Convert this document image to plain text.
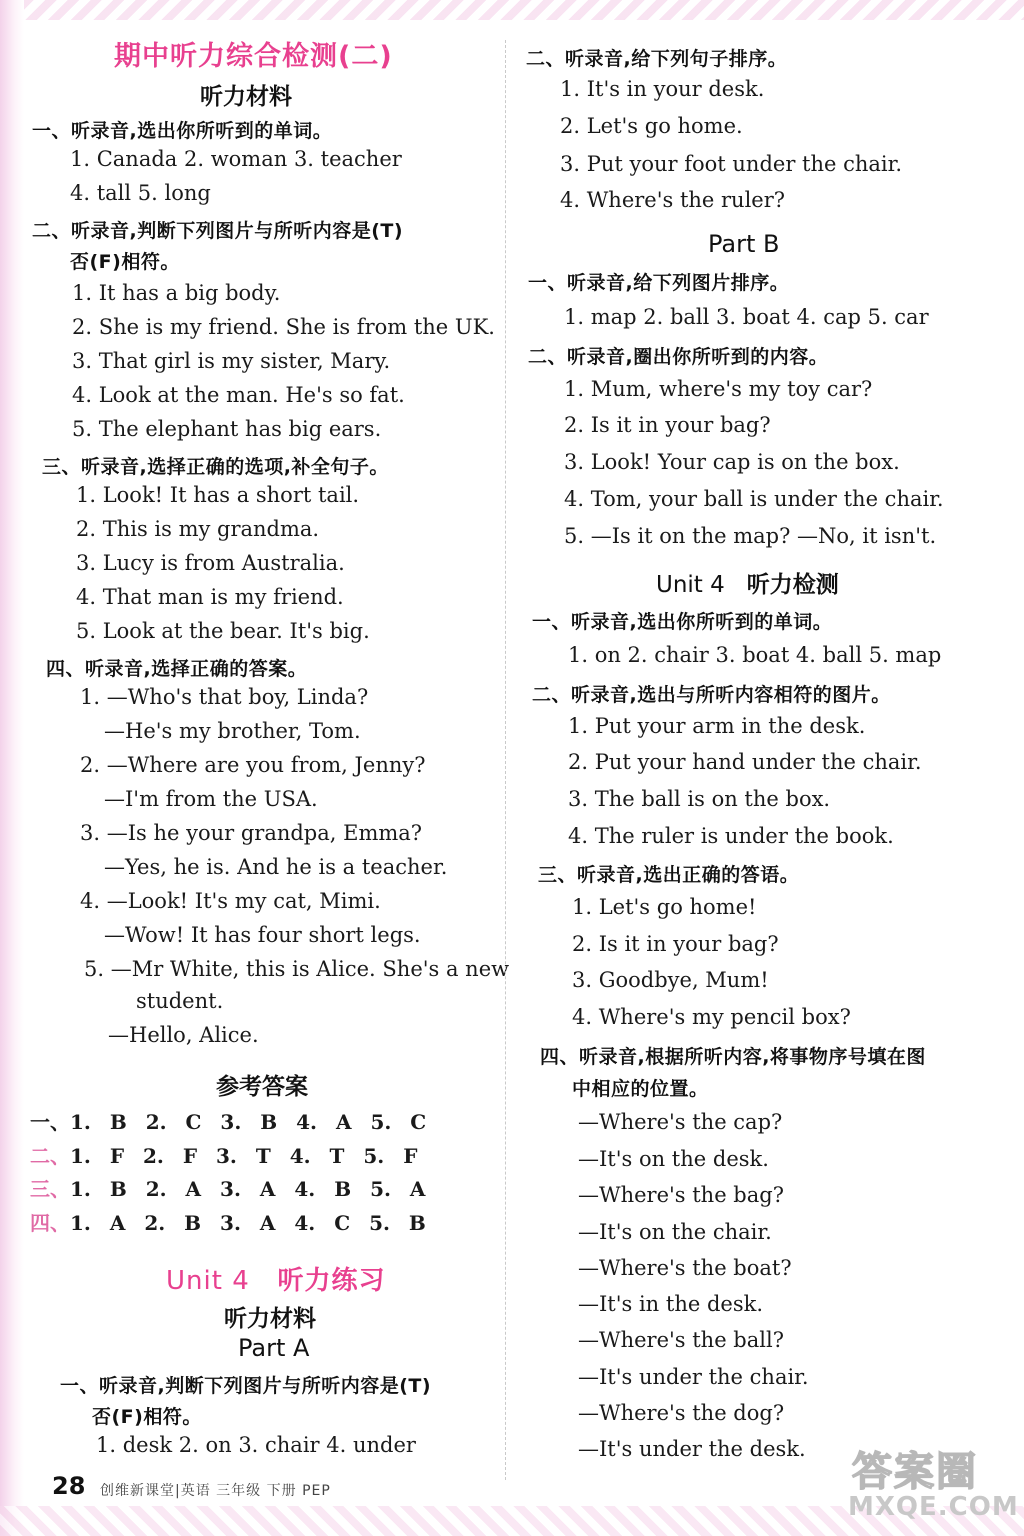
期中听力综合检测(二)
听力材料
一、听录音,选出你所听到的单词。
1. Canada 2. woman 3. teacher
4. tall 5. long
二、听录音,判断下列图片与所听内容是(T)
否(F)相符。
1. It has a big body.
2. She is my friend. She is from the UK.
3. That girl is my sister, Mary.
4. Look at the man. He's so fat.
5. The elephant has big ears.
三、听录音,选择正确的选项,补全句子。
1. Look! It has a short tail.
2. This is my grandma.
3. Lucy is from Australia.
4. That man is my friend.
5. Look at the bear. It's big.
四、听录音,选择正确的答案。
1. —Who's that boy, Linda?
—He's my brother, Tom.
2. —Where are you from, Jenny?
—I'm from the USA.
3. —Is he your grandpa, Emma?
—Yes, he is. And he is a teacher.
4. —Look! It's my cat, Mimi.
—Wow! It has four short legs.
5. —Mr White, this is Alice. She's a new
student.
—Hello, Alice.
参考答案
一、1. B 2. C 3. B 4. A 5. C
二、1. F 2. F 3. T 4. T 5. F
三、1. B 2. A 3. A 4. B 5. A
四、1. A 2. B 3. A 4. C 5. B
Unit 4 听力练习
听力材料
Part A
一、听录音,判断下列图片与所听内容是(T)
否(F)相符。
1. desk 2. on 3. chair 4. under
二、听录音,给下列句子排序。
1. It's in your desk.
2. Let's go home.
3. Put your foot under the chair.
4. Where's the ruler?
Part B
一、听录音,给下列图片排序。
1. map 2. ball 3. boat 4. cap 5. car
二、听录音,圈出你所听到的内容。
1. Mum, where's my toy car?
2. Is it in your bag?
3. Look! Your cap is on the box.
4. Tom, your ball is under the chair.
5. —Is it on the map? —No, it isn't.
Unit 4 听力检测
一、听录音,选出你所听到的单词。
1. on 2. chair 3. boat 4. ball 5. map
二、听录音,选出与所听内容相符的图片。
1. Put your arm in the desk.
2. Put your hand under the chair.
3. The ball is on the box.
4. The ruler is under the book.
三、听录音,选出正确的答语。
1. Let's go home!
2. Is it in your bag?
3. Goodbye, Mum!
4. Where's my pencil box?
四、听录音,根据所听内容,将事物序号填在图
中相应的位置。
—Where's the cap?
—It's on the desk.
—Where's the bag?
—It's on the chair.
—Where's the boat?
—It's in the desk.
—Where's the ball?
—It's under the chair.
—Where's the dog?
—It's under the desk.
28 创维新课堂|英语 三年级 下册 PEP	答案圈
MXQE.COM
